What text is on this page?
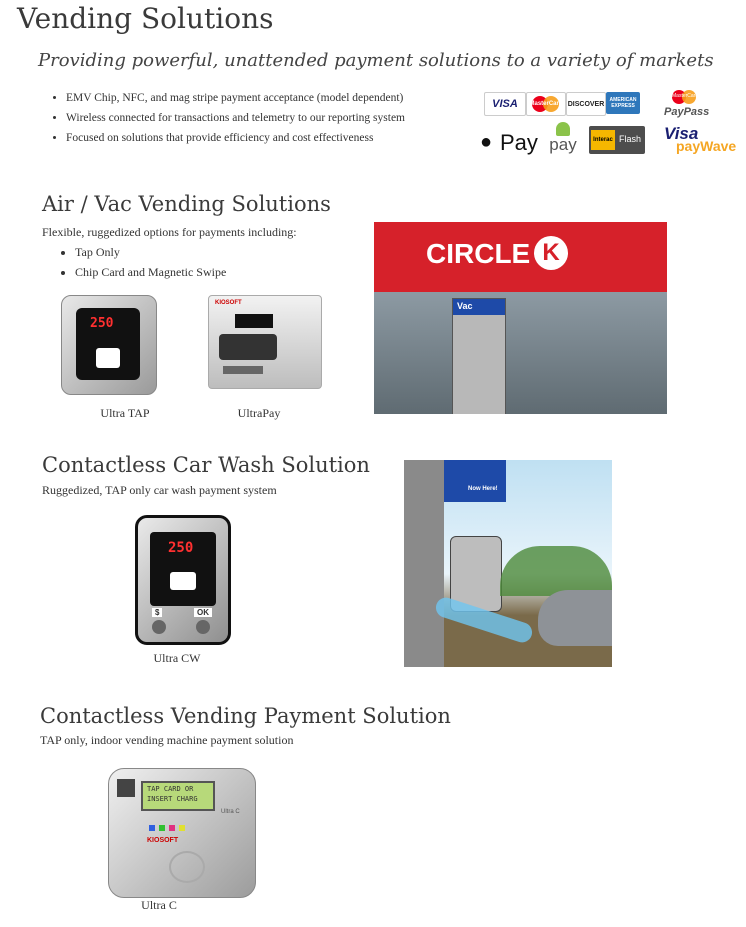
Vending Solutions
Providing powerful, unattended payment solutions to a variety of markets
• EMV Chip, NFC, and mag stripe payment acceptance (model dependent)
• Wireless connected for transactions and telemetry to our reporting system
• Focused on solutions that provide efficiency and cost effectiveness
VISA MasterCard DISCOVER
AMERICAN EXPRESS
MasterCard
PayPass
● Pay pay	Interac Flash Visa
payWave
Air / Vac Vending Solutions
Flexible, ruggedized options for payments including:
• Tap Only
• Chip Card and Magnetic Swipe
250
Ultra TAP
KIOSOFT
UltraPay
CIRCLE K
Vac
Contactless Car Wash Solution
Ruggedized, TAP only car wash payment system
250
$	OK
Ultra CW
Now Here!
Contactless Vending Payment Solution
TAP only, indoor vending machine payment solution
TAP CARD OR
INSERT CHARG
Ultra C
KIOSOFT
Ultra C
